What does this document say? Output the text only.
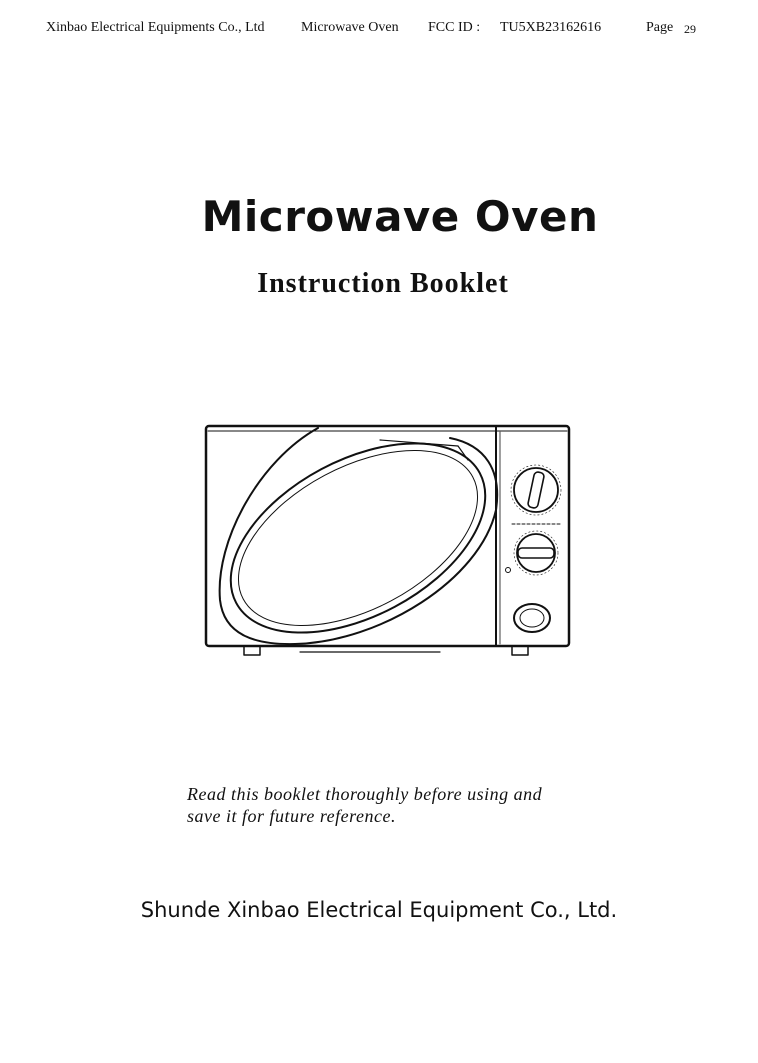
Xinbao Electrical Equipments Co., Ltd	Microwave Oven FCC ID : TU5XB23162616	Page 29
Microwave Oven
Instruction Booklet
Read this booklet thoroughly before using and
save it for future reference.
Shunde Xinbao Electrical Equipment Co., Ltd.
